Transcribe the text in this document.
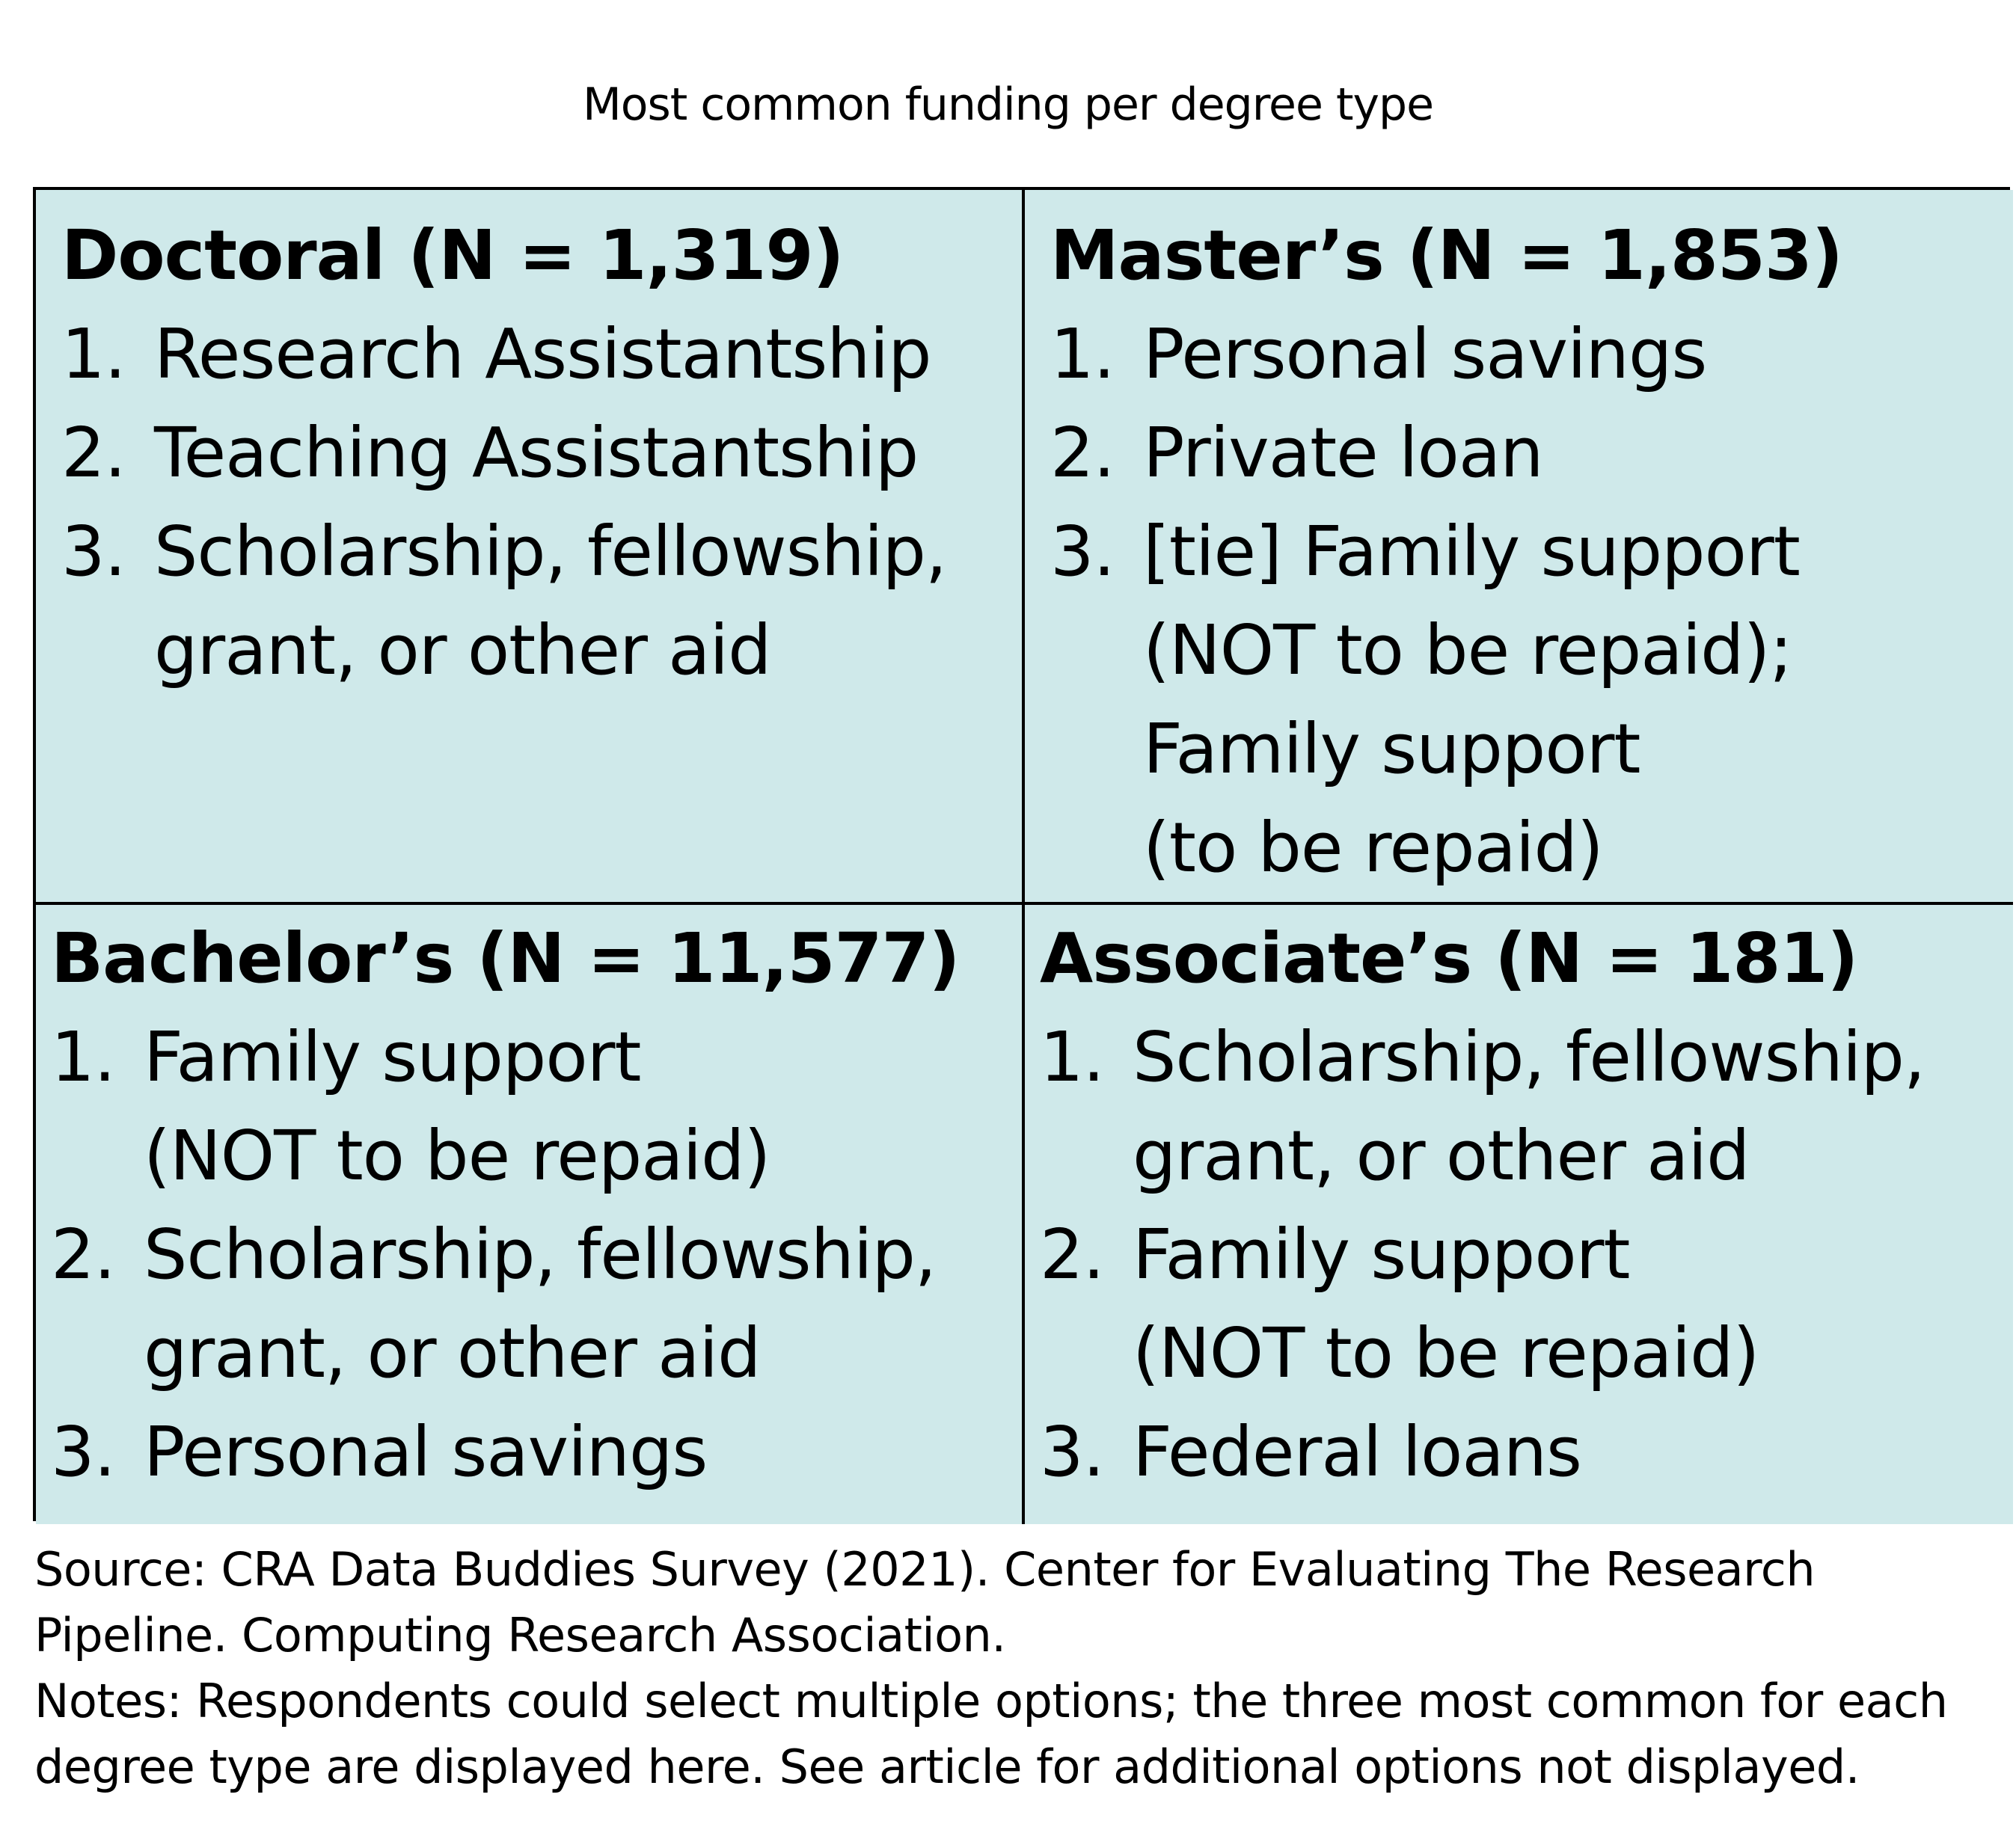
Most common funding per degree type
Doctoral (N = 1,319)
1. Research Assistantship
2. Teaching Assistantship
3. Scholarship, fellowship,
grant, or other aid
Master’s (N = 1,853)
1. Personal savings
2. Private loan
3. [tie] Family support
(NOT to be repaid);
Family support
(to be repaid)
Bachelor’s (N = 11,577)
1. Family support
(NOT to be repaid)
2. Scholarship, fellowship,
grant, or other aid
3. Personal savings
Associate’s (N = 181)
1. Scholarship, fellowship,
grant, or other aid
2. Family support
(NOT to be repaid)
3. Federal loans

Source: CRA Data Buddies Survey (2021). Center for Evaluating The Research Pipeline. Computing Research Association.

Notes: Respondents could select multiple options; the three most common for each degree type are displayed here. See article for additional options not displayed.
